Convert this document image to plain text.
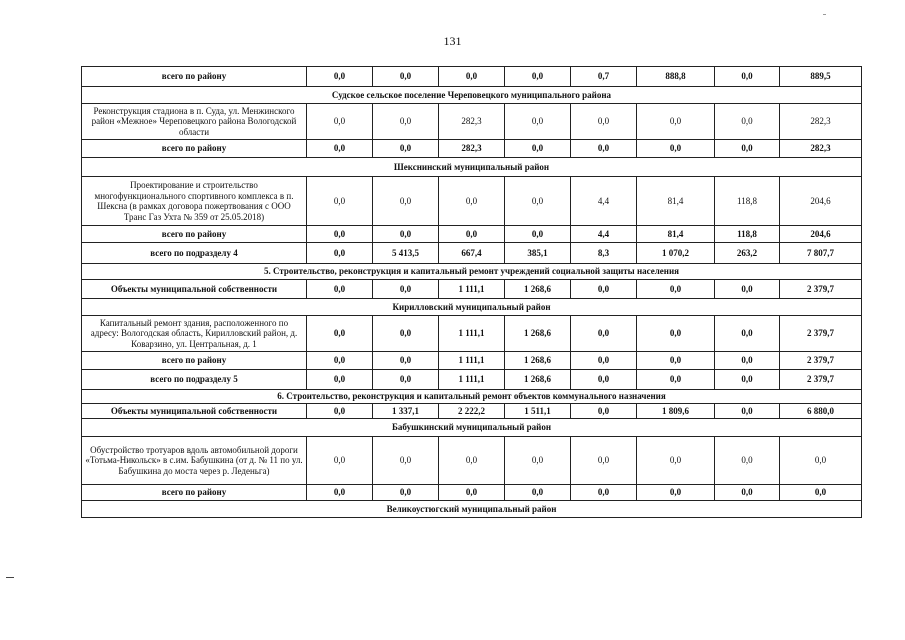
131
всего по району	0,0	0,0	0,0	0,0	0,7	888,8	0,0	889,5
Судское сельское поселение Череповецкого муниципального района								
Реконструкция стадиона в п. Суда, ул. Менжинского район «Межное» Череповецкого района Вологодской области	0,0	0,0	282,3	0,0	0,0	0,0	0,0	282,3
всего по району	0,0	0,0	282,3	0,0	0,0	0,0	0,0	282,3
Шекснинский муниципальный район								
Проектирование и строительство многофункционального спортивного комплекса в п. Шексна (в рамках договора пожертвования с ООО Транс Газ Ухта № 359 от 25.05.2018)	0,0	0,0	0,0	0,0	4,4	81,4	118,8	204,6
всего по району	0,0	0,0	0,0	0,0	4,4	81,4	118,8	204,6
всего по подразделу 4	0,0	5 413,5	667,4	385,1	8,3	1 070,2	263,2	7 807,7
5. Строительство, реконструкция и капитальный ремонт учреждений социальной защиты населения								
Объекты муниципальной собственности	0,0	0,0	1 111,1	1 268,6	0,0	0,0	0,0	2 379,7
Кирилловский муниципальный район								
Капитальный ремонт здания, расположенного по адресу: Вологодская область, Кирилловский район, д. Коварзино, ул. Центральная, д. 1	0,0	0,0	1 111,1	1 268,6	0,0	0,0	0,0	2 379,7
всего по району	0,0	0,0	1 111,1	1 268,6	0,0	0,0	0,0	2 379,7
всего по подразделу 5	0,0	0,0	1 111,1	1 268,6	0,0	0,0	0,0	2 379,7
6. Строительство, реконструкция и капитальный ремонт объектов коммунального назначения								
Объекты муниципальной собственности	0,0	1 337,1	2 222,2	1 511,1	0,0	1 809,6	0,0	6 880,0
Бабушкинский муниципальный район								
Обустройство тротуаров вдоль автомобильной дороги «Тотьма-Никольск» в с.им. Бабушкина (от д. № 11 по ул. Бабушкина до моста через р. Леденьга)	0,0	0,0	0,0	0,0	0,0	0,0	0,0	0,0
всего по району	0,0	0,0	0,0	0,0	0,0	0,0	0,0	0,0
Великоустюгский муниципальный район								
